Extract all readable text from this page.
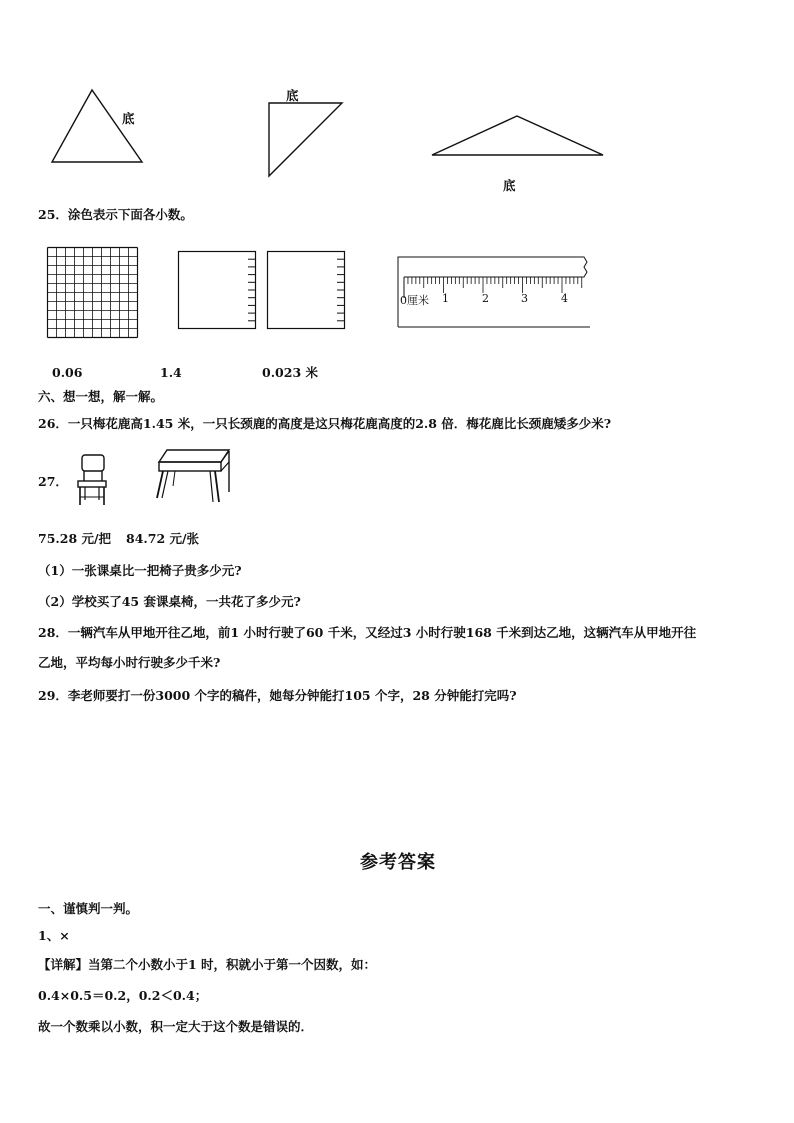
底
底
底
25．涂色表示下面各小数。
0厘米 1	2	3	4
0.06	1.4	0.023 米
六、想一想，解一解。
26．一只梅花鹿高1.45 米，一只长颈鹿的高度是这只梅花鹿高度的2.8 倍．梅花鹿比长颈鹿矮多少米?
27．
75.28 元/把 84.72 元/张
（1）一张课桌比一把椅子贵多少元?
（2）学校买了45 套课桌椅，一共花了多少元?
28．一辆汽车从甲地开往乙地，前1 小时行驶了60 千米，又经过3 小时行驶168 千米到达乙地，这辆汽车从甲地开往
乙地，平均每小时行驶多少千米?
29．李老师要打一份3000 个字的稿件，她每分钟能打105 个字，28 分钟能打完吗?
参考答案
一、谨慎判一判。
1、×
【详解】当第二个小数小于1 时，积就小于第一个因数，如：
0.4×0.5＝0.2，0.2＜0.4；
故一个数乘以小数，积一定大于这个数是错误的．
